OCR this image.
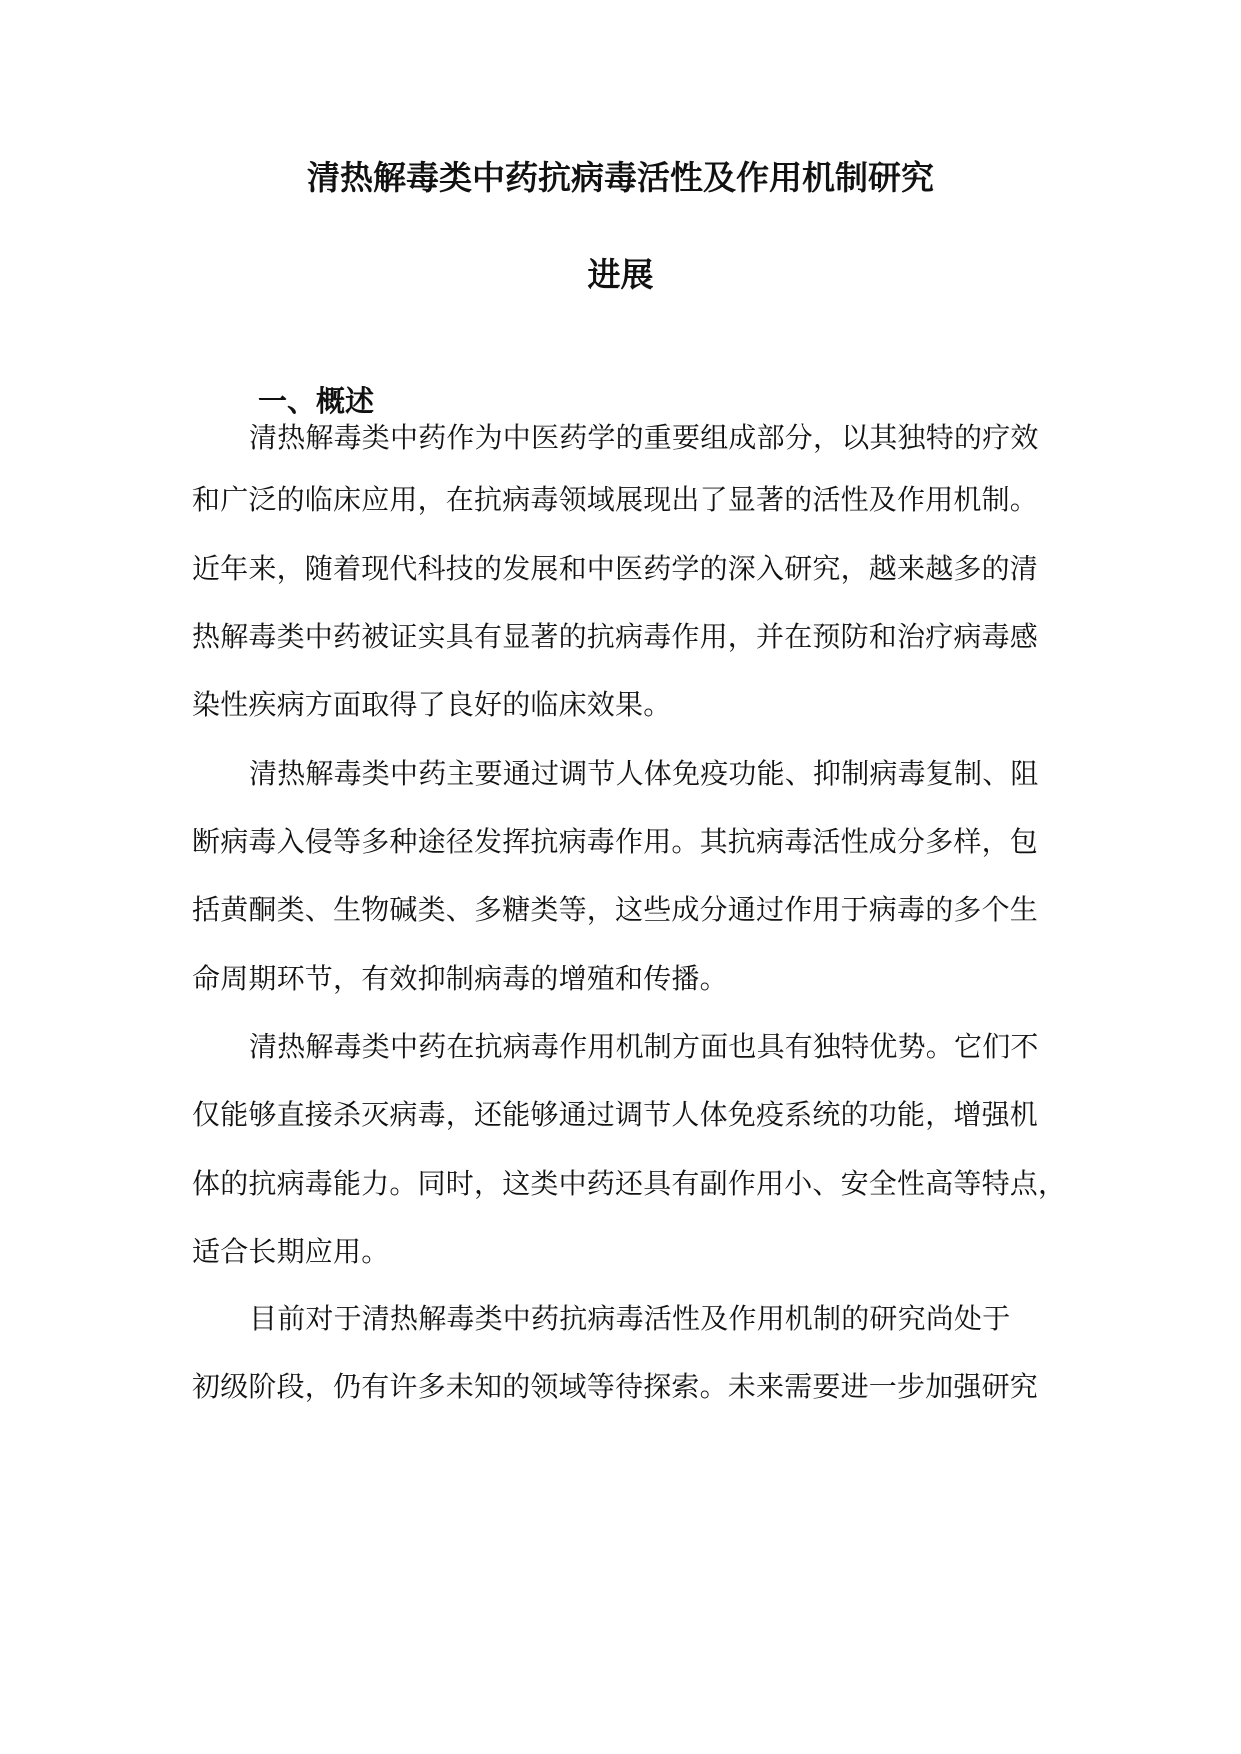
清热解毒类中药抗病毒活性及作用机制研究
进展
一、概述
清热解毒类中药作为中医药学的重要组成部分，以其独特的疗效
和广泛的临床应用，在抗病毒领域展现出了显著的活性及作用机制。
近年来，随着现代科技的发展和中医药学的深入研究，越来越多的清
热解毒类中药被证实具有显著的抗病毒作用，并在预防和治疗病毒感
染性疾病方面取得了良好的临床效果。
清热解毒类中药主要通过调节人体免疫功能、抑制病毒复制、阻
断病毒入侵等多种途径发挥抗病毒作用。其抗病毒活性成分多样，包
括黄酮类、生物碱类、多糖类等，这些成分通过作用于病毒的多个生
命周期环节，有效抑制病毒的增殖和传播。
清热解毒类中药在抗病毒作用机制方面也具有独特优势。它们不
仅能够直接杀灭病毒，还能够通过调节人体免疫系统的功能，增强机
体的抗病毒能力。同时，这类中药还具有副作用小、安全性高等特点，
适合长期应用。
目前对于清热解毒类中药抗病毒活性及作用机制的研究尚处于
初级阶段，仍有许多未知的领域等待探索。未来需要进一步加强研究
